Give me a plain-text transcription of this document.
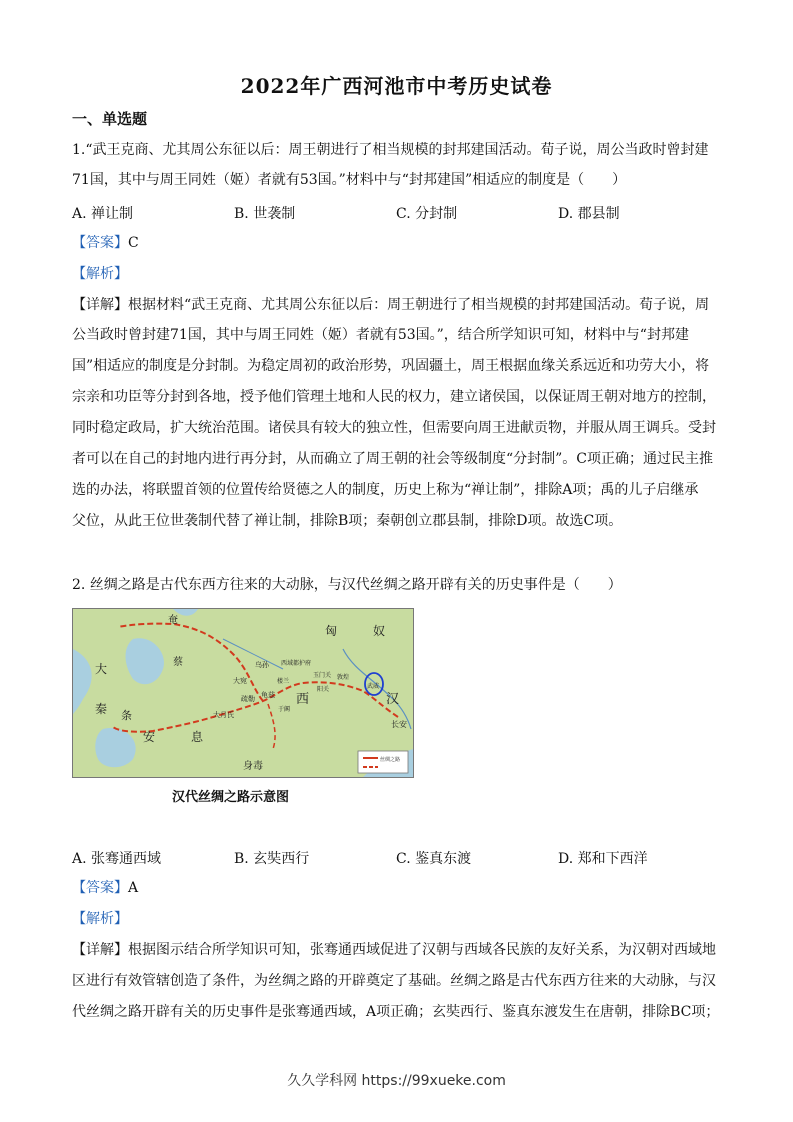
2022年广西河池市中考历史试卷
一、单选题
1.“武王克商、尤其周公东征以后：周王朝进行了相当规模的封邦建国活动。荀子说，周公当政时曾封建
71国，其中与周王同姓（姬）者就有53国。”材料中与“封邦建国”相适应的制度是（　　）
A. 禅让制	B. 世袭制	C. 分封制	D. 郡县制
【答案】C
【解析】
【详解】根据材料“武王克商、尤其周公东征以后：周王朝进行了相当规模的封邦建国活动。荀子说，周
公当政时曾封建71国，其中与周王同姓（姬）者就有53国。”，结合所学知识可知，材料中与“封邦建
国”相适应的制度是分封制。为稳定周初的政治形势，巩固疆土，周王根据血缘关系远近和功劳大小，将
宗亲和功臣等分封到各地，授予他们管理土地和人民的权力，建立诸侯国，以保证周王朝对地方的控制，
同时稳定政局，扩大统治范围。诸侯具有较大的独立性，但需要向周王进献贡物，并服从周王调兵。受封
者可以在自己的封地内进行再分封，从而确立了周王朝的社会等级制度“分封制”。C项正确；通过民主推
选的办法，将联盟首领的位置传给贤德之人的制度，历史上称为“禅让制”，排除A项；禹的儿子启继承
父位，从此王位世袭制代替了禅让制，排除B项；秦朝创立郡县制，排除D项。故选C项。
2. 丝绸之路是古代东西方往来的大动脉，与汉代丝绸之路开辟有关的历史事件是（　　）
奄
蔡
匈	奴
大
秦 条
安	息
西	汉
身毒
长安
武威
敦煌
玉门关
阳关
楼兰
于阗
大月氏
大宛
乌孙
疏勒 龟兹
西域都护府
丝绸之路
汉代丝绸之路示意图
A. 张骞通西域	B. 玄奘西行	C. 鉴真东渡	D. 郑和下西洋
【答案】A
【解析】
【详解】根据图示结合所学知识可知，张骞通西域促进了汉朝与西域各民族的友好关系，为汉朝对西域地
区进行有效管辖创造了条件，为丝绸之路的开辟奠定了基础。丝绸之路是古代东西方往来的大动脉，与汉
代丝绸之路开辟有关的历史事件是张骞通西域，A项正确；玄奘西行、鉴真东渡发生在唐朝，排除BC项；
久久学科网 https://99xueke.com
